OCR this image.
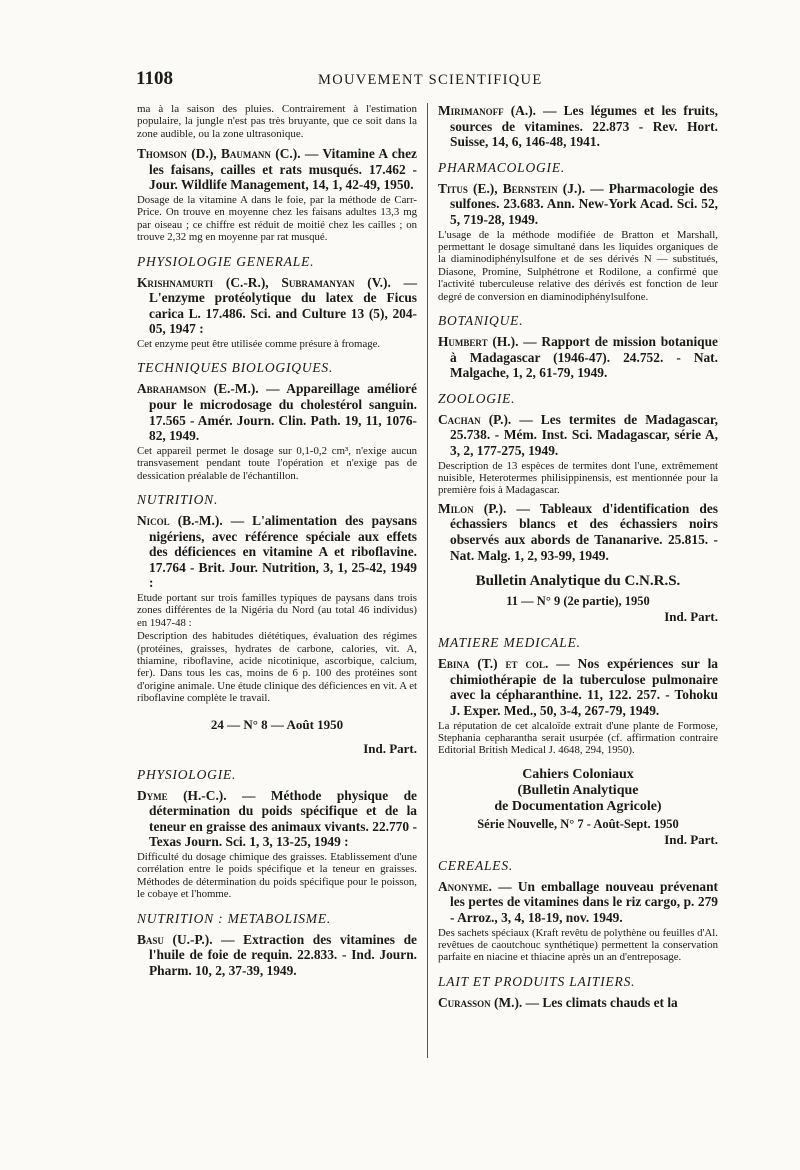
1108	MOUVEMENT SCIENTIFIQUE

ma à la saison des pluies. Contrairement à l'estimation populaire, la jungle n'est pas très bruyante, que ce soit dans la zone audible, ou la zone ultrasonique.

Thomson (D.), Baumann (C.). — Vitamine A chez les faisans, cailles et rats musqués. 17.462 - Jour. Wildlife Management, 14, 1, 42-49, 1950.

Dosage de la vitamine A dans le foie, par la méthode de Carr-Price. On trouve en moyenne chez les faisans adultes 13,3 mg par oiseau ; ce chiffre est réduit de moitié chez les cailles ; on trouve 2,32 mg en moyenne par rat musqué.

PHYSIOLOGIE GENERALE.

Krishnamurti (C.-R.), Subramanyan (V.). — L'enzyme protéolytique du latex de Ficus carica L. 17.486. Sci. and Culture 13 (5), 204-05, 1947 :

Cet enzyme peut être utilisée comme présure à fromage.

TECHNIQUES BIOLOGIQUES.

Abrahamson (E.-M.). — Appareillage amélioré pour le microdosage du cholestérol sanguin. 17.565 - Amér. Journ. Clin. Path. 19, 11, 1076-82, 1949.

Cet appareil permet le dosage sur 0,1-0,2 cm³, n'exige aucun transvasement pendant toute l'opération et n'exige pas de dessication préalable de l'échantillon.

NUTRITION.

Nicol (B.-M.). — L'alimentation des paysans nigériens, avec référence spéciale aux effets des déficiences en vitamine A et riboflavine. 17.764 - Brit. Jour. Nutrition, 3, 1, 25-42, 1949 :

Etude portant sur trois familles typiques de paysans dans trois zones différentes de la Nigéria du Nord (au total 46 individus) en 1947-48 :

Description des habitudes diététiques, évaluation des régimes (protéines, graisses, hydrates de carbone, calories, vit. A, thiamine, riboflavine, acide nicotinique, ascorbique, calcium, fer). Dans tous les cas, moins de 6 p. 100 des protéines sont d'origine animale. Une étude clinique des déficiences en vit. A et riboflavine complète le travail.

24 — N° 8 — Août 1950
Ind. Part.
PHYSIOLOGIE.

Dyme (H.-C.). — Méthode physique de détermination du poids spécifique et de la teneur en graisse des animaux vivants. 22.770 - Texas Journ. Sci. 1, 3, 13-25, 1949 :

Difficulté du dosage chimique des graisses. Etablissement d'une corrélation entre le poids spécifique et la teneur en graisses. Méthodes de détermination du poids spécifique pour le poisson, le cobaye et l'homme.

NUTRITION : METABOLISME.

Basu (U.-P.). — Extraction des vitamines de l'huile de foie de requin. 22.833. - Ind. Journ. Pharm. 10, 2, 37-39, 1949.

Mirimanoff (A.). — Les légumes et les fruits, sources de vitamines. 22.873 - Rev. Hort. Suisse, 14, 6, 146-48, 1941.

PHARMACOLOGIE.

Titus (E.), Bernstein (J.). — Pharmacologie des sulfones. 23.683. Ann. New-York Acad. Sci. 52, 5, 719-28, 1949.

L'usage de la méthode modifiée de Bratton et Marshall, permettant le dosage simultané dans les liquides organiques de la diaminodiphénylsulfone et de ses dérivés N — substitués, Diasone, Promine, Sulphétrone et Rodilone, a confirmé que l'activité tuberculeuse relative des dérivés est fonction de leur degré de conversion en diaminodiphénylsulfone.

BOTANIQUE.

Humbert (H.). — Rapport de mission botanique à Madagascar (1946-47). 24.752. - Nat. Malgache, 1, 2, 61-79, 1949.

ZOOLOGIE.

Cachan (P.). — Les termites de Madagascar, 25.738. - Mém. Inst. Sci. Madagascar, série A, 3, 2, 177-275, 1949.

Description de 13 espèces de termites dont l'une, extrêmement nuisible, Heterotermes philisippinensis, est mentionnée pour la première fois à Madagascar.

Milon (P.). — Tableaux d'identification des échassiers blancs et des échassiers noirs observés aux abords de Tananarive. 25.815. - Nat. Malg. 1, 2, 93-99, 1949.

Bulletin Analytique du C.N.R.S.
11 — N° 9 (2e partie), 1950
Ind. Part.
MATIERE MEDICALE.

Ebina (T.) et col. — Nos expériences sur la chimiothérapie de la tuberculose pulmonaire avec la cépharanthine. 11, 122. 257. - Tohoku J. Exper. Med., 50, 3-4, 267-79, 1949.

La réputation de cet alcaloïde extrait d'une plante de Formose, Stephania cepharantha serait usurpée (cf. affirmation contraire Editorial British Medical J. 4648, 294, 1950).

Cahiers Coloniaux
(Bulletin Analytique
de Documentation Agricole)
Série Nouvelle, N° 7 - Août-Sept. 1950
Ind. Part.
CEREALES.

Anonyme. — Un emballage nouveau prévenant les pertes de vitamines dans le riz cargo, p. 279 - Arroz., 3, 4, 18-19, nov. 1949.

Des sachets spéciaux (Kraft revêtu de polythène ou feuilles d'Al. revêtues de caoutchouc synthétique) permettent la conservation parfaite en niacine et thiacine après un an d'entreposage.

LAIT ET PRODUITS LAITIERS.

Curasson (M.). — Les climats chauds et la
